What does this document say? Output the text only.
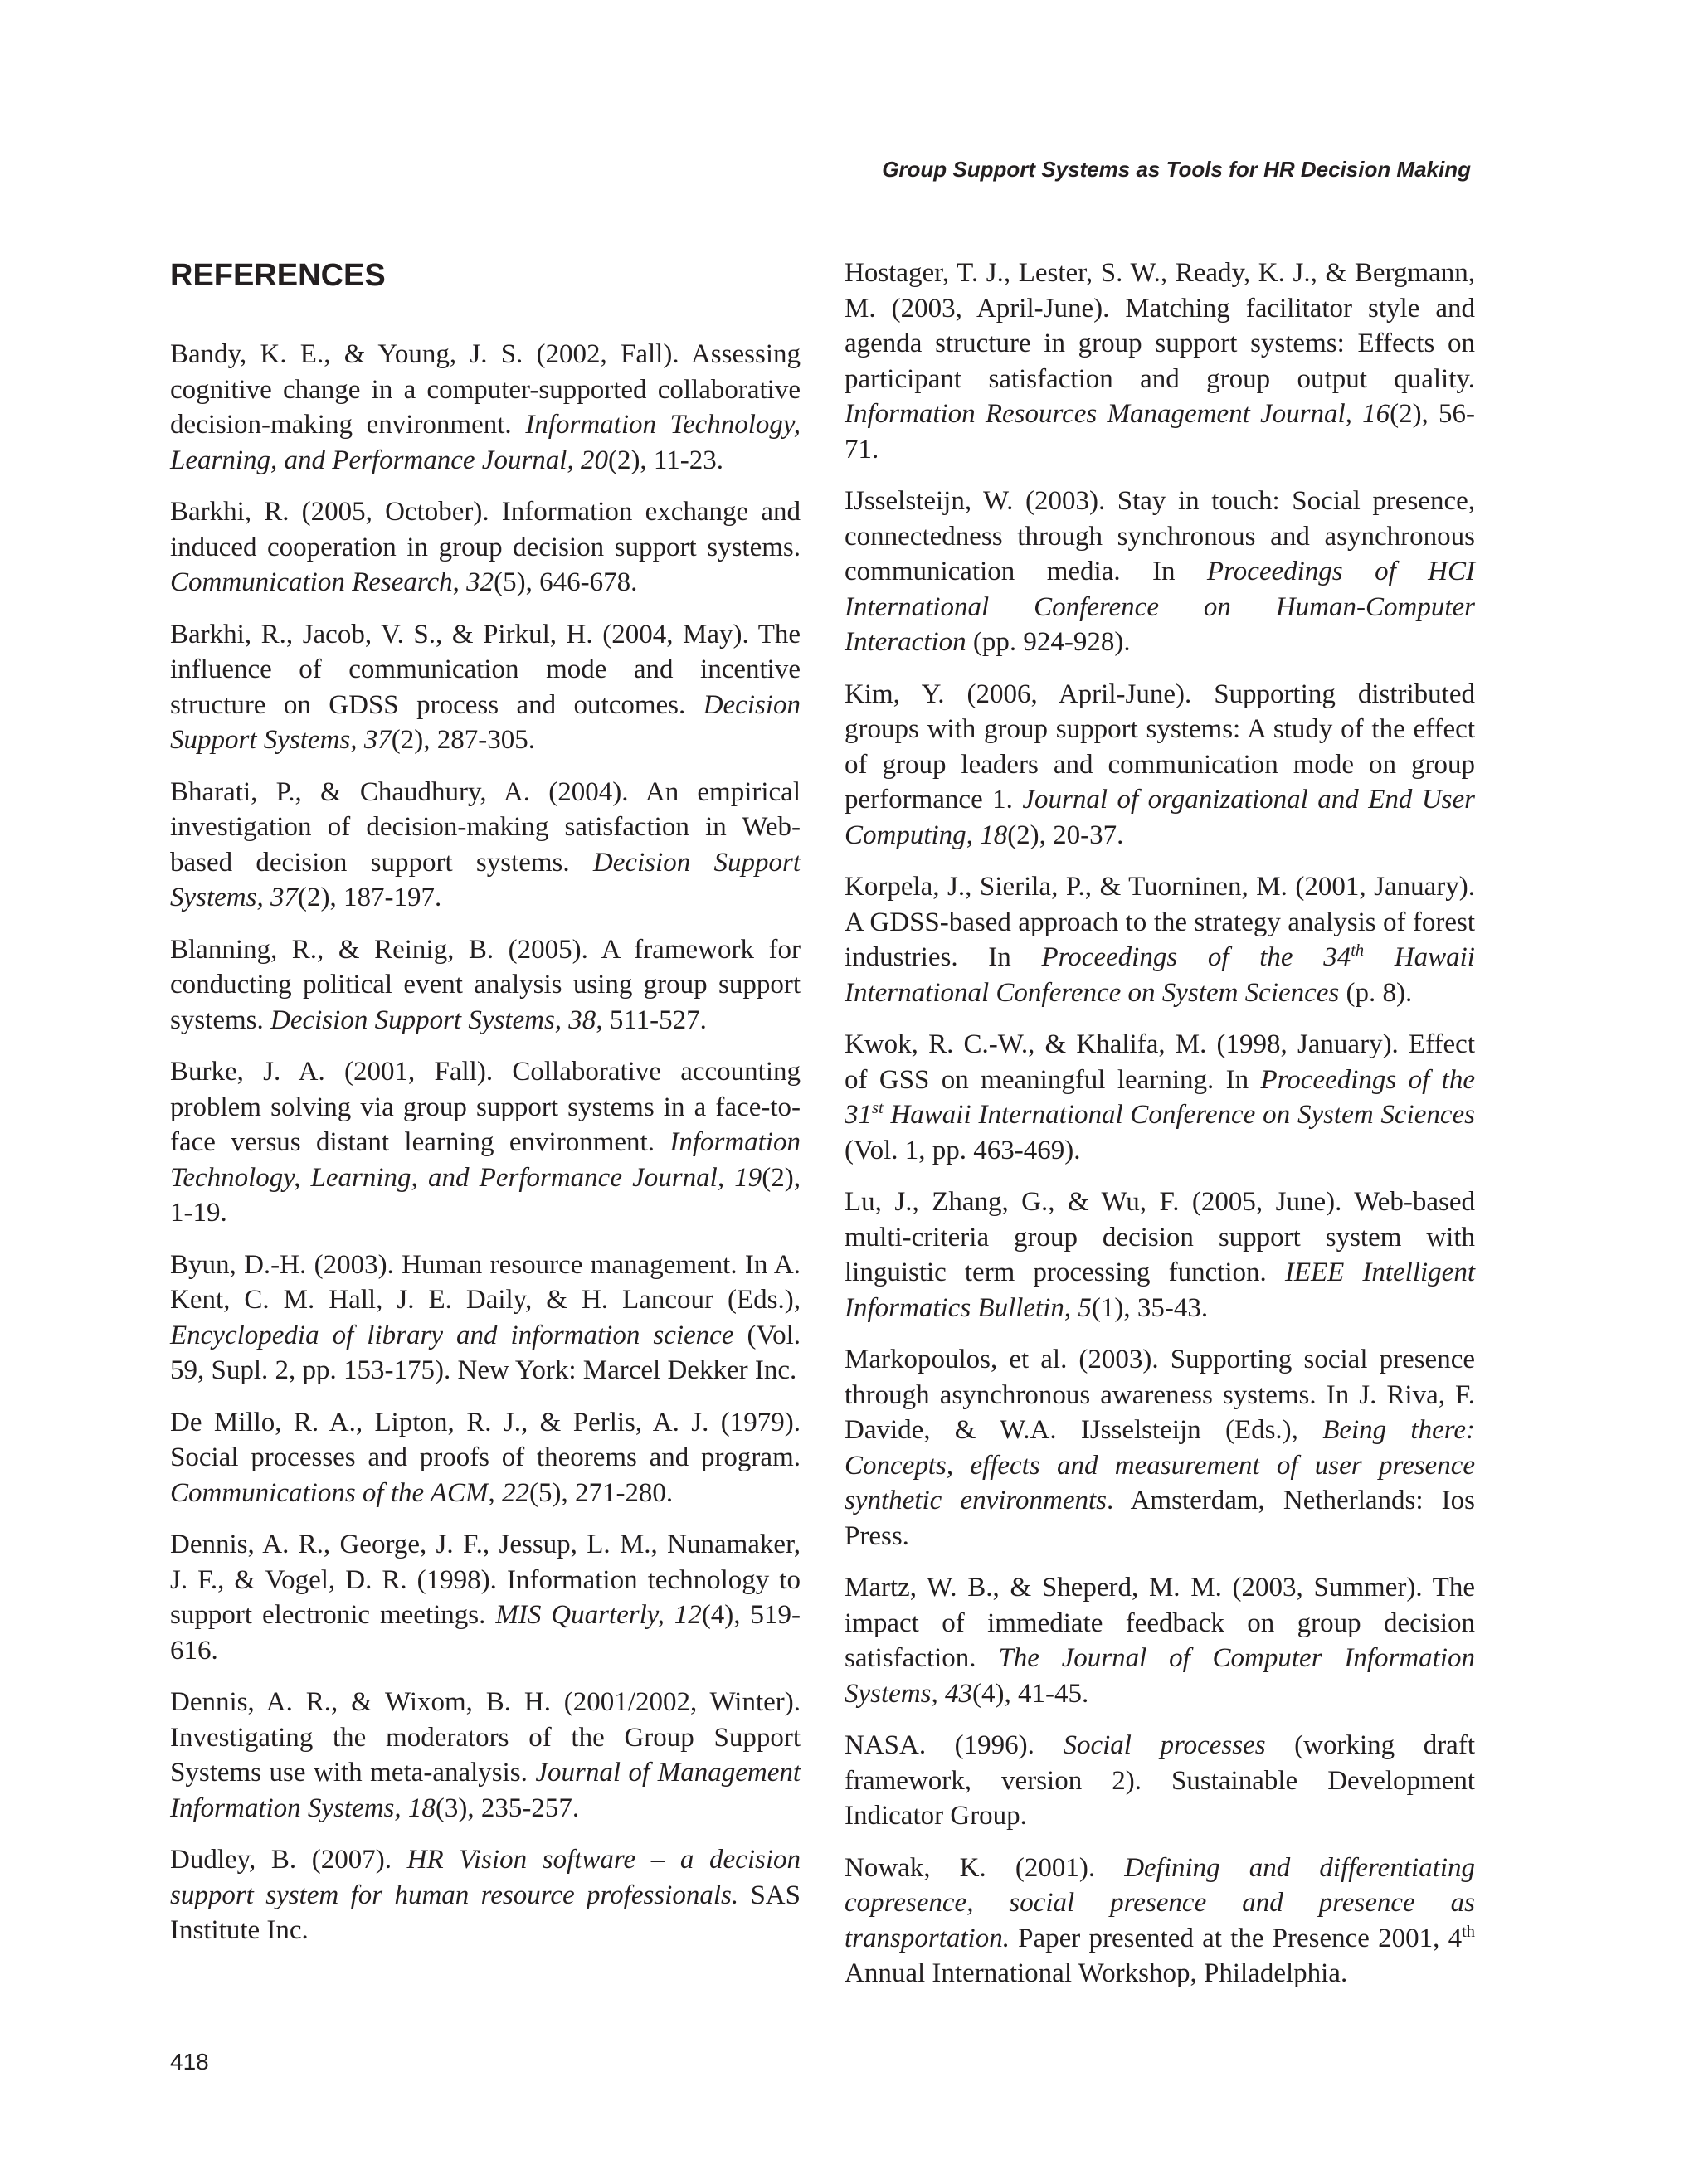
Group Support Systems as Tools for HR Decision Making
REFERENCES

Bandy, K. E., & Young, J. S. (2002, Fall). Assessing cognitive change in a computer-supported collaborative decision-making environment. Information Technology, Learning, and Performance Journal, 20(2), 11-23.

Barkhi, R. (2005, October). Information exchange and induced cooperation in group decision support systems. Communication Research, 32(5), 646-678.

Barkhi, R., Jacob, V. S., & Pirkul, H. (2004, May). The influence of communication mode and incentive structure on GDSS process and outcomes. Decision Support Systems, 37(2), 287-305.

Bharati, P., & Chaudhury, A. (2004). An empirical investigation of decision-making satisfaction in Web-based decision support systems. Decision Support Systems, 37(2), 187-197.

Blanning, R., & Reinig, B. (2005). A framework for conducting political event analysis using group support systems. Decision Support Systems, 38, 511-527.

Burke, J. A. (2001, Fall). Collaborative accounting problem solving via group support systems in a face-to-face versus distant learning environment. Information Technology, Learning, and Performance Journal, 19(2), 1-19.

Byun, D.-H. (2003). Human resource management. In A. Kent, C. M. Hall, J. E. Daily, & H. Lancour (Eds.), Encyclopedia of library and information science (Vol. 59, Supl. 2, pp. 153-175). New York: Marcel Dekker Inc.

De Millo, R. A., Lipton, R. J., & Perlis, A. J. (1979). Social processes and proofs of theorems and program. Communications of the ACM, 22(5), 271-280.

Dennis, A. R., George, J. F., Jessup, L. M., Nunamaker, J. F., & Vogel, D. R. (1998). Information technology to support electronic meetings. MIS Quarterly, 12(4), 519-616.

Dennis, A. R., & Wixom, B. H. (2001/2002, Winter). Investigating the moderators of the Group Support Systems use with meta-analysis. Journal of Management Information Systems, 18(3), 235-257.

Dudley, B. (2007). HR Vision software – a decision support system for human resource professionals. SAS Institute Inc.

Hostager, T. J., Lester, S. W., Ready, K. J., & Bergmann, M. (2003, April-June). Matching facilitator style and agenda structure in group support systems: Effects on participant satisfaction and group output quality. Information Resources Management Journal, 16(2), 56-71.

IJsselsteijn, W. (2003). Stay in touch: Social presence, connectedness through synchronous and asynchronous communication media. In Proceedings of HCI International Conference on Human-Computer Interaction (pp. 924-928).

Kim, Y. (2006, April-June). Supporting distributed groups with group support systems: A study of the effect of group leaders and communication mode on group performance 1. Journal of organizational and End User Computing, 18(2), 20-37.

Korpela, J., Sierila, P., & Tuorninen, M. (2001, January). A GDSS-based approach to the strategy analysis of forest industries. In Proceedings of the 34th Hawaii International Conference on System Sciences (p. 8).

Kwok, R. C.-W., & Khalifa, M. (1998, January). Effect of GSS on meaningful learning. In Proceedings of the 31st Hawaii International Conference on System Sciences (Vol. 1, pp. 463-469).

Lu, J., Zhang, G., & Wu, F. (2005, June). Web-based multi-criteria group decision support system with linguistic term processing function. IEEE Intelligent Informatics Bulletin, 5(1), 35-43.

Markopoulos, et al. (2003). Supporting social presence through asynchronous awareness systems. In J. Riva, F. Davide, & W.A. IJsselsteijn (Eds.), Being there: Concepts, effects and measurement of user presence synthetic environments. Amsterdam, Netherlands: Ios Press.

Martz, W. B., & Sheperd, M. M. (2003, Summer). The impact of immediate feedback on group decision satisfaction. The Journal of Computer Information Systems, 43(4), 41-45.

NASA. (1996). Social processes (working draft framework, version 2). Sustainable Development Indicator Group.

Nowak, K. (2001). Defining and differentiating copresence, social presence and presence as transportation. Paper presented at the Presence 2001, 4th Annual International Workshop, Philadelphia.

418
